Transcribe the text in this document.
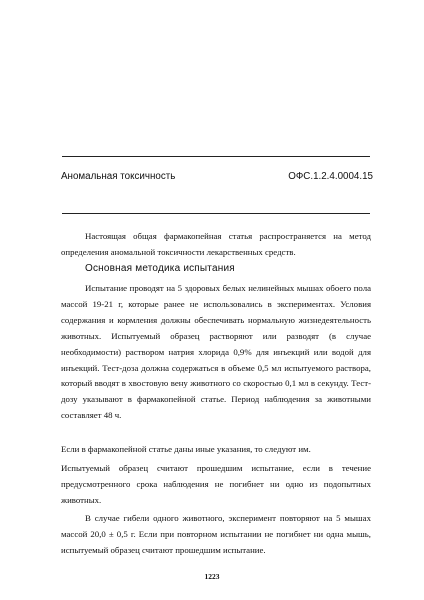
Аномальная токсичность	ОФС.1.2.4.0004.15
Настоящая общая фармакопейная статья распространяется на метод определения аномальной токсичности лекарственных средств.
Основная методика испытания
Испытание проводят на 5 здоровых белых нелинейных мышах обоего пола массой 19-21 г, которые ранее не использовались в экспериментах. Условия содержания и кормления должны обеспечивать нормальную жизнедеятельность животных. Испытуемый образец растворяют или разводят (в случае необходимости) раствором натрия хлорида 0,9% для инъекций или водой для инъекций. Тест-доза должна содержаться в объеме 0,5 мл испытуемого раствора, который вводят в хвостовую вену животного со скоростью 0,1 мл в секунду. Тест-дозу указывают в фармакопейной статье. Период наблюдения за животными составляет 48 ч.
Если в фармакопейной статье даны иные указания, то следуют им.
Испытуемый образец считают прошедшим испытание, если в течение предусмотренного срока наблюдения не погибнет ни одно из подопытных животных.
В случае гибели одного животного, эксперимент повторяют на 5 мышах массой 20,0 ± 0,5 г. Если при повторном испытании не погибнет ни одна мышь, испытуемый образец считают прошедшим испытание.
1223
